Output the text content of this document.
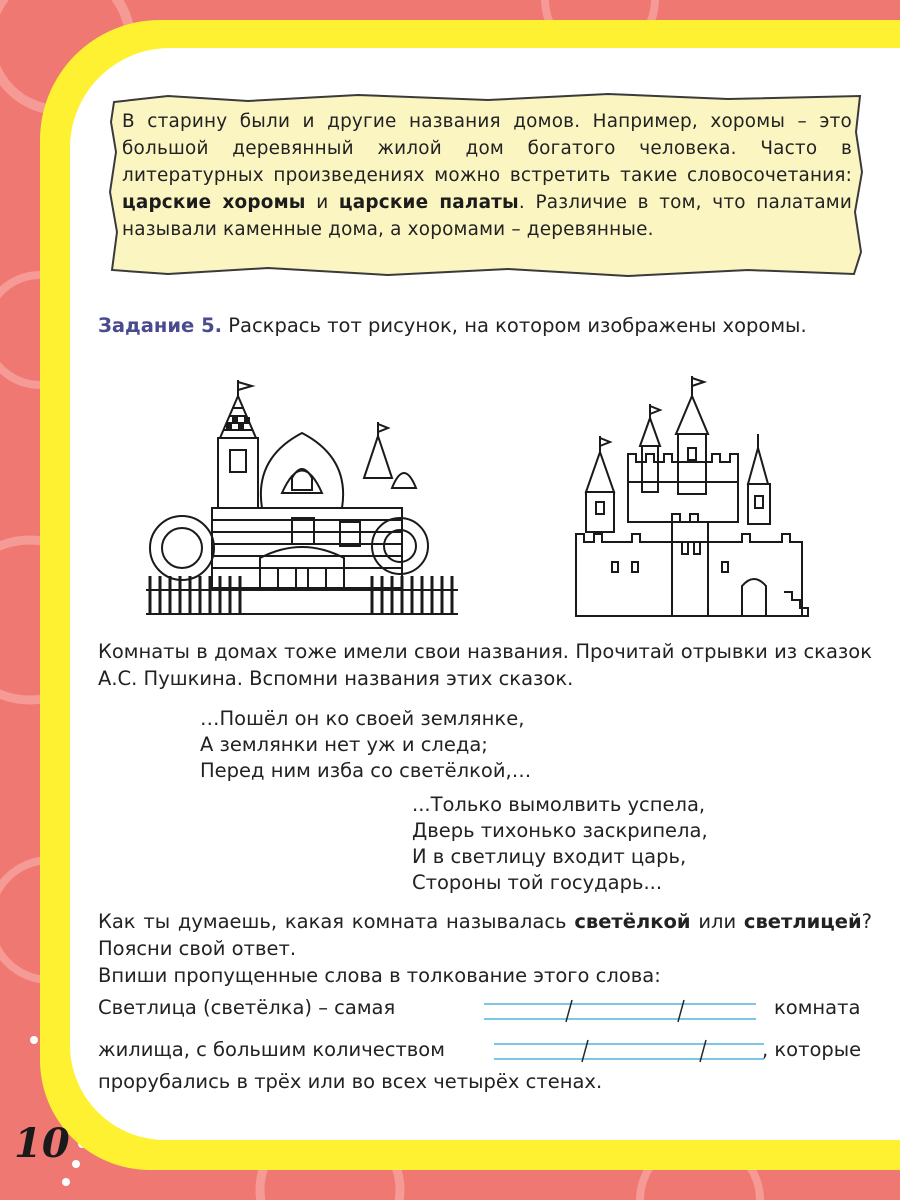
В старину были и другие названия домов. Например, хоромы – это большой деревянный жилой дом богатого человека. Часто в литературных произведениях можно встретить такие словосочетания: царские хоромы и царские палаты. Различие в том, что палатами называли каменные дома, а хоромами – деревянные.
Задание 5. Раскрась тот рисунок, на котором изображены хоромы.
Комнаты в домах тоже имели свои названия. Прочитай отрывки из сказок А.С. Пушкина. Вспомни названия этих сказок.
…Пошёл он ко своей землянке,
А землянки нет уж и следа;
Перед ним изба со светёлкой,…
...Только вымолвить успела,
Дверь тихонько заскрипела,
И в светлицу входит царь,
Стороны той государь...
Как ты думаешь, какая комната называлась светёлкой или светлицей? Поясни свой ответ.
Впиши пропущенные слова в толкование этого слова:
Светлица (светёлка) – самая	комната
жилища, с большим количеством	, которые
прорубались в трёх или во всех четырёх стенах.
10
